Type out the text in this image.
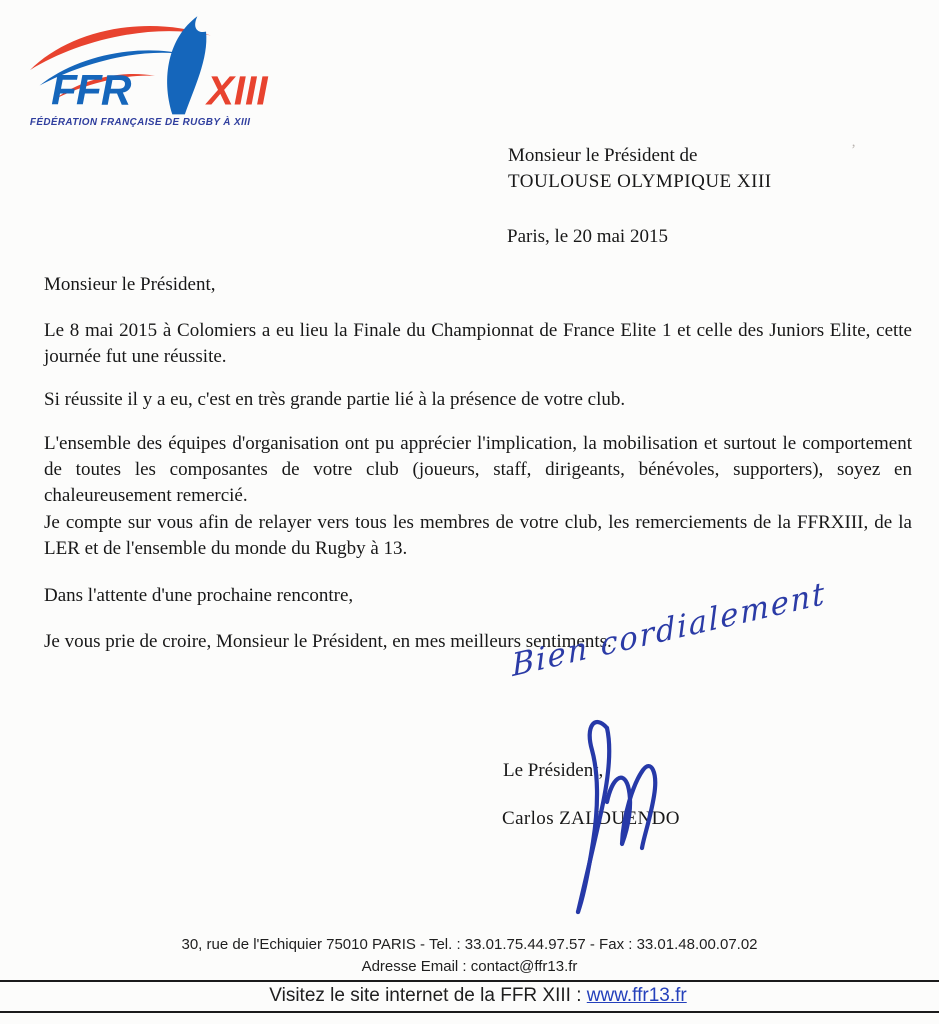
FFR XIII
FÉDÉRATION FRANÇAISE DE RUGBY À XIII
’
Monsieur le Président de
TOULOUSE OLYMPIQUE XIII
Paris, le 20 mai 2015
Monsieur le Président,
Le 8 mai 2015 à Colomiers a eu lieu la Finale du Championnat de France Elite 1 et celle des Juniors Elite, cette journée fut une réussite.
Si réussite il y a eu, c'est en très grande partie lié à la présence de votre club.
L'ensemble des équipes d'organisation ont pu apprécier l'implication, la mobilisation et surtout le comportement de toutes les composantes de votre club (joueurs, staff, dirigeants, bénévoles, supporters), soyez en chaleureusement remercié.
Je compte sur vous afin de relayer vers tous les membres de votre club, les remerciements de la FFRXIII, de la LER et de l'ensemble du monde du Rugby à 13.
Dans l'attente d'une prochaine rencontre,
Je vous prie de croire, Monsieur le Président, en mes meilleurs sentiments.
Bien cordialement
Le Président,
Carlos ZALDUENDO
30, rue de l'Echiquier 75010 PARIS - Tel. : 33.01.75.44.97.57 - Fax : 33.01.48.00.07.02
Adresse Email : contact@ffr13.fr
Visitez le site internet de la FFR XIII : www.ffr13.fr
